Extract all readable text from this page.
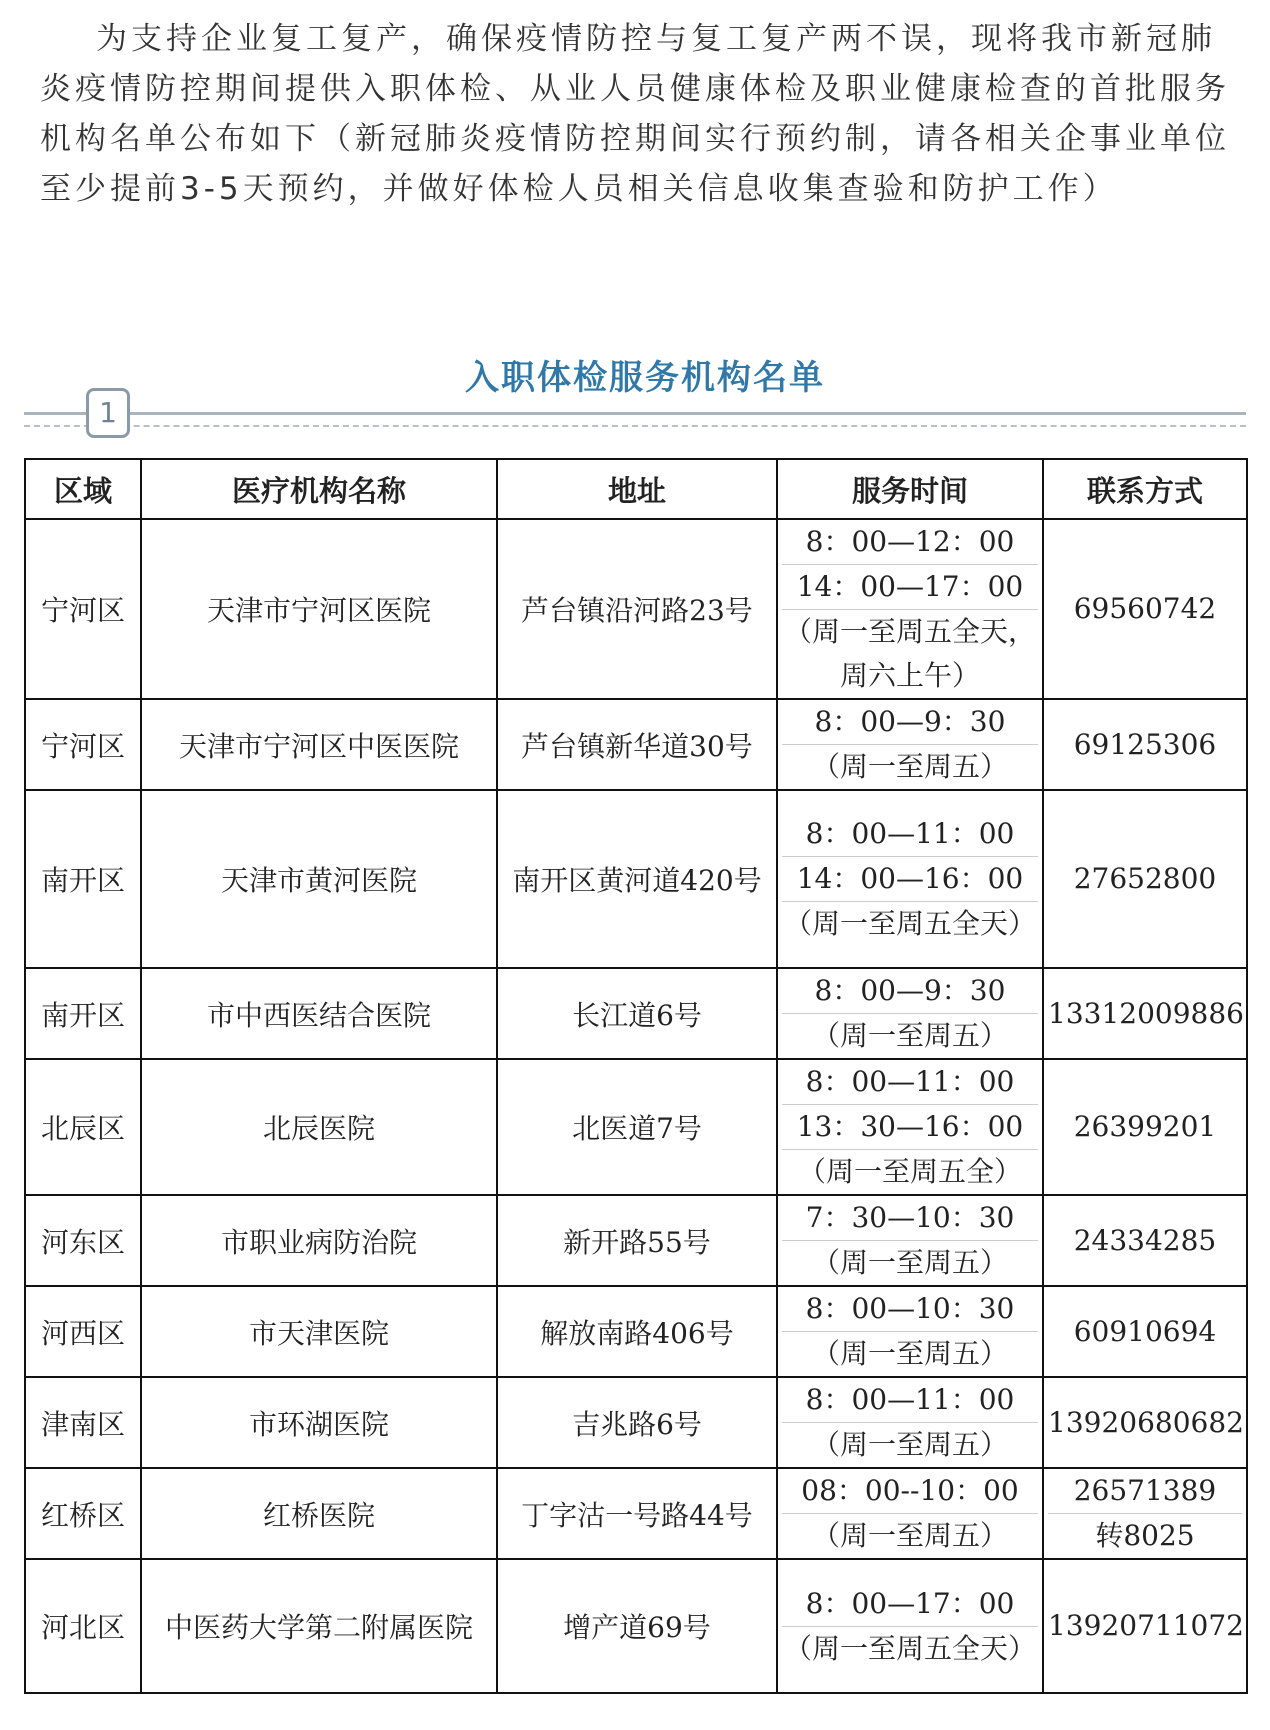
为支持企业复工复产，确保疫情防控与复工复产两不误，现将我市新冠肺炎疫情防控期间提供入职体检、从业人员健康体检及职业健康检查的首批服务机构名单公布如下（新冠肺炎疫情防控期间实行预约制，请各相关企事业单位至少提前3-5天预约，并做好体检人员相关信息收集查验和防护工作）
入职体检服务机构名单
1
区域	医疗机构名称	地址	服务时间	联系方式
宁河区	天津市宁河区医院	芦台镇沿河路23号	8：00—12：00
14：00—17：00
（周一至周五全天，周六上午）	69560742

宁河区	天津市宁河区中医医院	芦台镇新华道30号	8：00—9：30
（周一至周五）	69125306

南开区	天津市黄河医院	南开区黄河道420号	8：00—11：00
14：00—16：00
（周一至周五全天）	27652800

南开区	市中西医结合医院	长江道6号	8：00—9：30
（周一至周五）	13312009886

北辰区	北辰医院	北医道7号	8：00—11：00
13：30—16：00
（周一至周五全）	26399201

河东区	市职业病防治院	新开路55号	7：30—10：30
（周一至周五）	24334285

河西区	市天津医院	解放南路406号	8：00—10：30
（周一至周五）	60910694

津南区	市环湖医院	吉兆路6号	8：00—11：00
（周一至周五）	13920680682

红桥区	红桥医院	丁字沽一号路44号	08：00--10：00
（周一至周五）	26571389
转8025

河北区	中医药大学第二附属医院	增产道69号	8：00—17：00
（周一至周五全天）	13920711072
